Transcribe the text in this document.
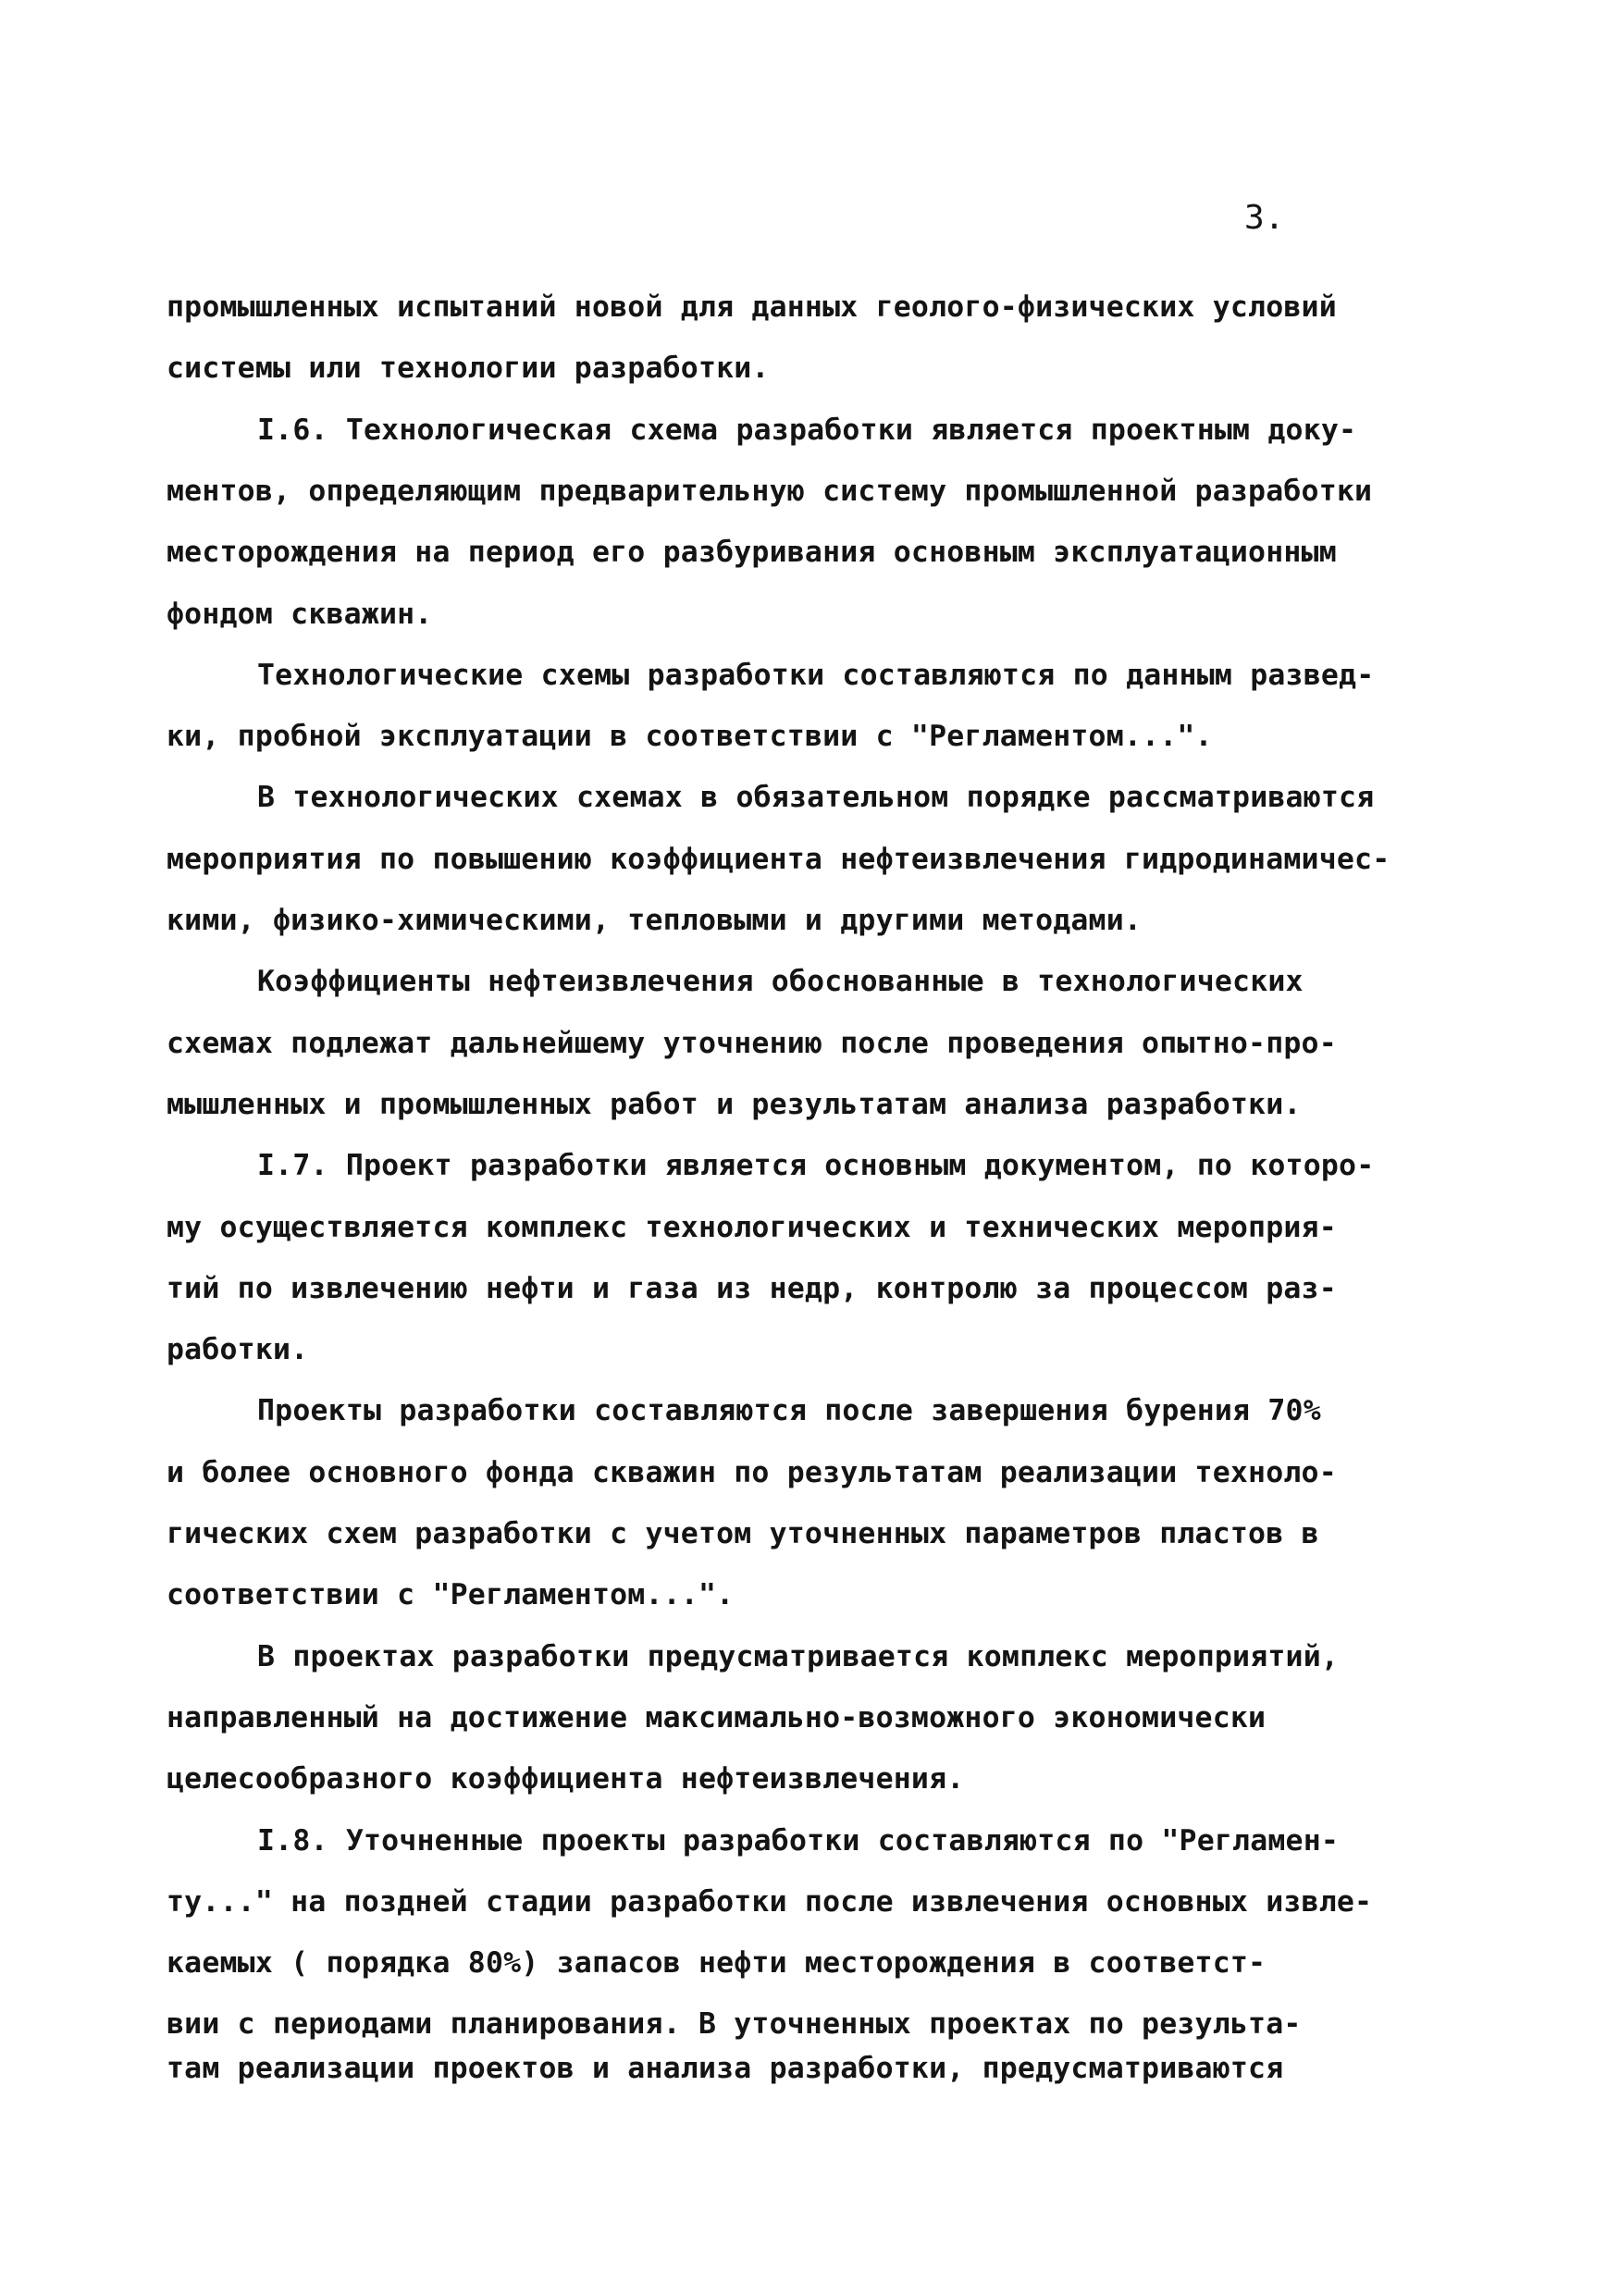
3.
промышленных испытаний новой для данных геолого-физических условий
системы или технологии разработки.
I.6. Технологическая схема разработки является проектным доку-
ментов, определяющим предварительную систему промышленной разработки
месторождения на период его разбуривания основным эксплуатационным
фондом скважин.
Технологические схемы разработки составляются по данным развед-
ки, пробной эксплуатации в соответствии с "Регламентом...".
В технологических схемах в обязательном порядке рассматриваются
мероприятия по повышению коэффициента нефтеизвлечения гидродинамичес-
кими, физико-химическими, тепловыми и другими методами.
Коэффициенты нефтеизвлечения обоснованные в технологических
схемах подлежат дальнейшему уточнению после проведения опытно-про-
мышленных и промышленных работ и результатам анализа разработки.
I.7. Проект разработки является основным документом, по которо-
му осуществляется комплекс технологических и технических мероприя-
тий по извлечению нефти и газа из недр, контролю за процессом раз-
работки.
Проекты разработки составляются после завершения бурения 70%
и более основного фонда скважин по результатам реализации техноло-
гических схем разработки с учетом уточненных параметров пластов в
соответствии с "Регламентом...".
В проектах разработки предусматривается комплекс мероприятий,
направленный на достижение максимально-возможного экономически
целесообразного коэффициента нефтеизвлечения.
I.8. Уточненные проекты разработки составляются по "Регламен-
ту..." на поздней стадии разработки после извлечения основных извле-
каемых ( порядка 80%) запасов нефти месторождения в соответст-
вии с периодами планирования. В уточненных проектах по результа-
там реализации проектов и анализа разработки, предусматриваются
